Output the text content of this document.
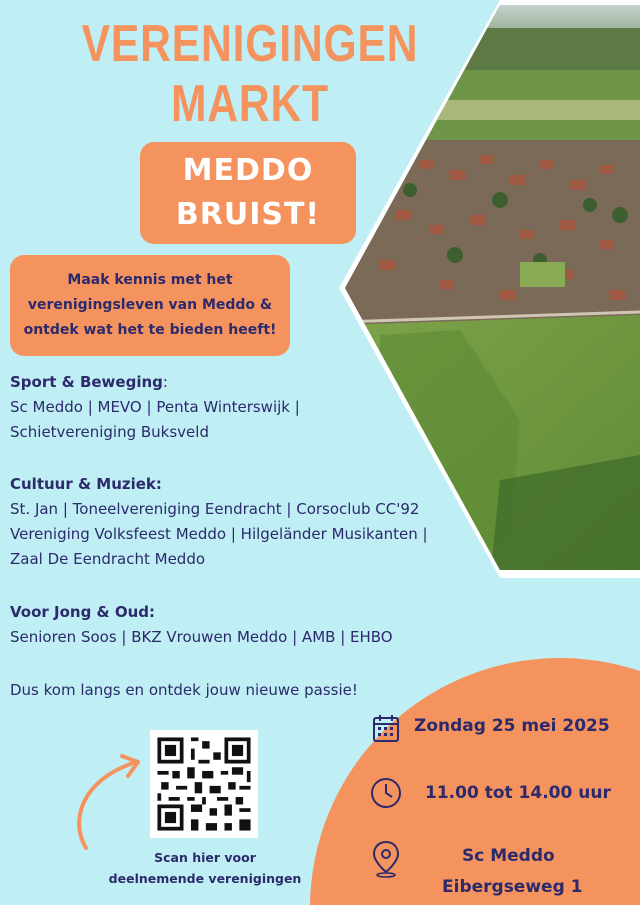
VERENIGINGEN
MARKT
MEDDO
BRUIST!
Maak kennis met het
verenigingsleven van Meddo &
ontdek wat het te bieden heeft!
Sport & Beweging:
Sc Meddo | MEVO | Penta Winterswijk |
Schietvereniging Buksveld
Cultuur & Muziek:
St. Jan | Toneelvereniging Eendracht | Corsoclub CC'92
Vereniging Volksfeest Meddo | Hilgeländer Musikanten |
Zaal De Eendracht Meddo
Voor Jong & Oud:
Senioren Soos | BKZ Vrouwen Meddo | AMB | EHBO
Dus kom langs en ontdek jouw nieuwe passie!
Zondag 25 mei 2025
11.00 tot 14.00 uur
Sc Meddo
Eibergseweg 1
Scan hier voor
deelnemende verenigingen
